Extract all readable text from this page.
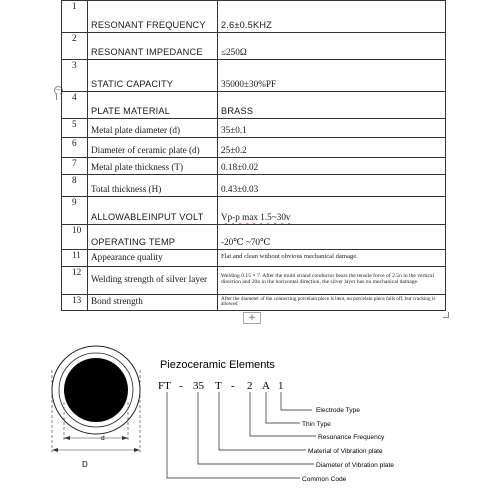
−
1	RESONANT FREQUENCY	2.6±0.5KHZ
2	RESONANT IMPEDANCE	≤250Ω
3	STATIC CAPACITY	35000±30%PF
4	PLATE MATERIAL	BRASS
5	Metal plate diameter (d)	35±0.1
6	Diameter of ceramic plate (d)	25±0.2
7	Metal plate thickness (T)	0.18±0.02
8	Total thickness (H)	0.43±0.03
9	ALLOWABLEINPUT VOLT	Vp-p max 1.5~30v
10	OPERATING TEMP	-20℃ ~70℃
11	Appearance quality	Flat and clean without obvious mechanical damage.
12	Welding strength of silver layer	Welding 0.15 × 7. After the multi strand conductor bears the tensile force of 2.5n in the vertical direction and 20n in the horizontal direction, the silver layer has no mechanical damage.
13	Bond strength	After the diameter of the connecting porcelain piece is bent, no porcelain piece falls off, but cracking is allowed
+
d
D
Piezoceramic Elements
FT - 35 T - 2 A 1
Electrode Type
Thin Type
Resonance Frequency
Material of Vibration plate
Diameter of Vibration plate
Common Code
